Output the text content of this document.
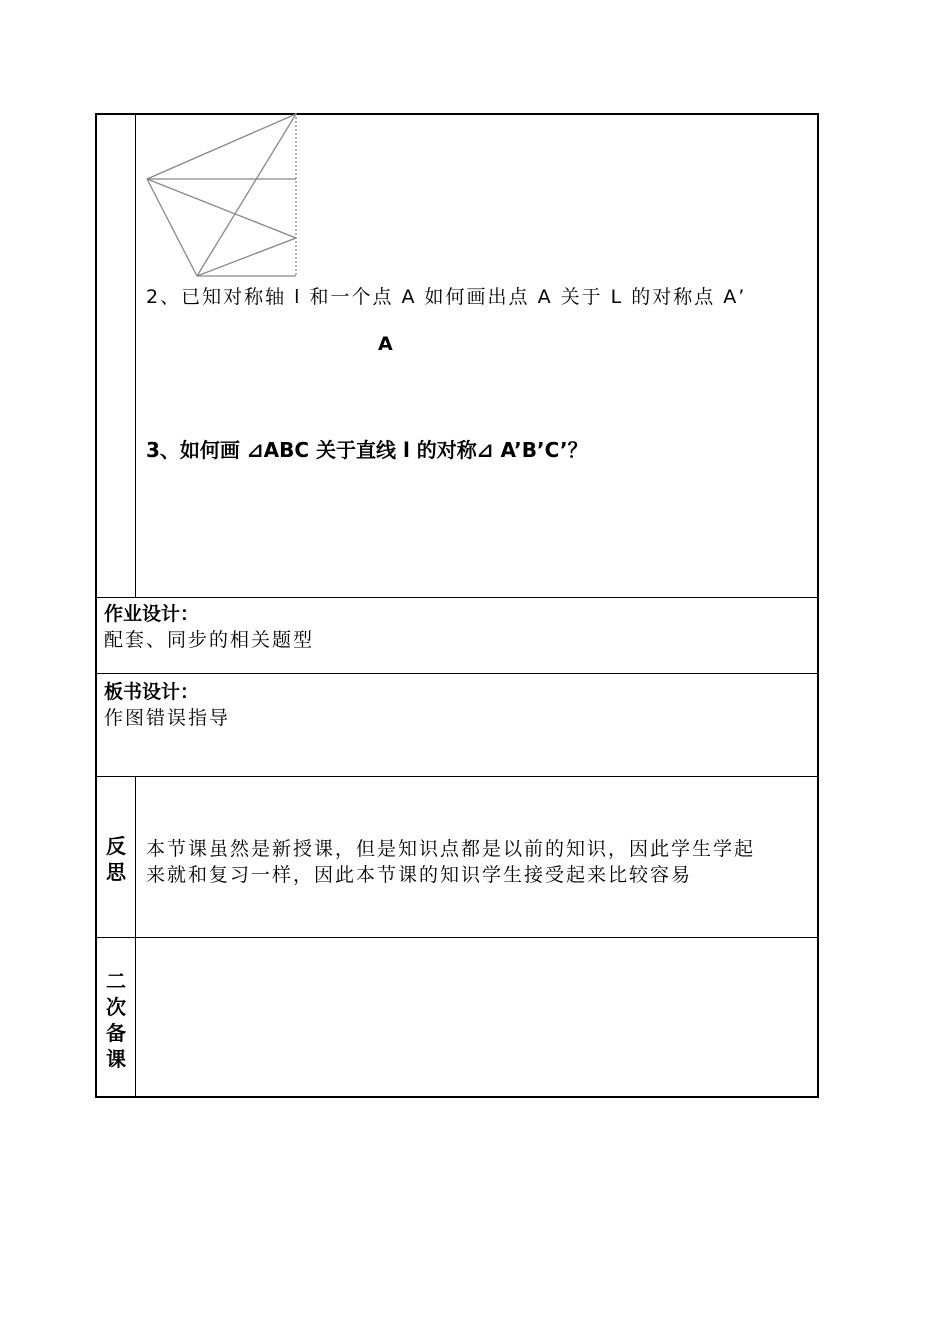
2、已知对称轴 l 和一个点 A 如何画出点 A 关于 L 的对称点 A’
A
3、如何画 ⊿ABC 关于直线 l 的对称⊿ A’B’C’？
作业设计：
配套、同步的相关题型
板书设计：
作图错误指导
反
思
本节课虽然是新授课，但是知识点都是以前的知识，因此学生学起
来就和复习一样，因此本节课的知识学生接受起来比较容易
二
次
备
课
